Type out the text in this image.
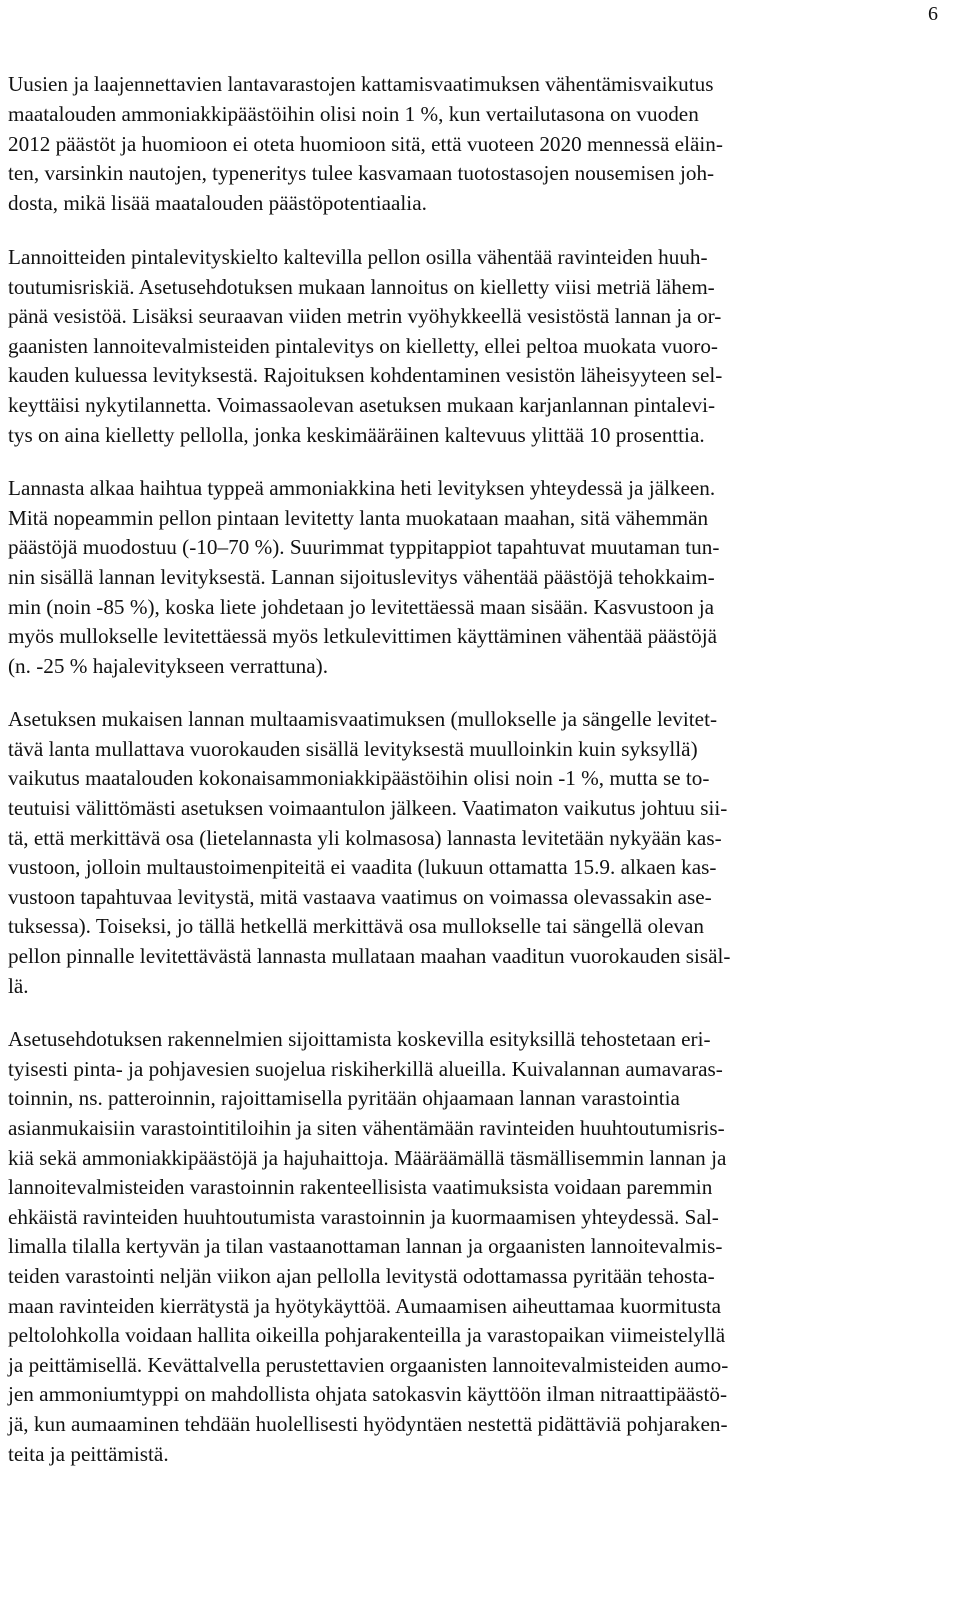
6

Uusien ja laajennettavien lantavarastojen kattamisvaatimuksen vähentämisvaikutus
maatalouden ammoniakkipäästöihin olisi noin 1 %, kun vertailutasona on vuoden
2012 päästöt ja huomioon ei oteta huomioon sitä, että vuoteen 2020 mennessä eläin-
ten, varsinkin nautojen, typeneritys tulee kasvamaan tuotostasojen nousemisen joh-
dosta, mikä lisää maatalouden päästöpotentiaalia.

Lannoitteiden pintalevityskielto kaltevilla pellon osilla vähentää ravinteiden huuh-
toutumisriskiä. Asetusehdotuksen mukaan lannoitus on kielletty viisi metriä lähem-
pänä vesistöä. Lisäksi seuraavan viiden metrin vyöhykkeellä vesistöstä lannan ja or-
gaanisten lannoitevalmisteiden pintalevitys on kielletty, ellei peltoa muokata vuoro-
kauden kuluessa levityksestä. Rajoituksen kohdentaminen vesistön läheisyyteen sel-
keyttäisi nykytilannetta. Voimassaolevan asetuksen mukaan karjanlannan pintalevi-
tys on aina kielletty pellolla, jonka keskimääräinen kaltevuus ylittää 10 prosenttia.

Lannasta alkaa haihtua typpeä ammoniakkina heti levityksen yhteydessä ja jälkeen.
Mitä nopeammin pellon pintaan levitetty lanta muokataan maahan, sitä vähemmän
päästöjä muodostuu (-10–70 %). Suurimmat typpitappiot tapahtuvat muutaman tun-
nin sisällä lannan levityksestä. Lannan sijoituslevitys vähentää päästöjä tehokkaim-
min (noin -85 %), koska liete johdetaan jo levitettäessä maan sisään. Kasvustoon ja
myös mullokselle levitettäessä myös letkulevittimen käyttäminen vähentää päästöjä
(n. -25 % hajalevitykseen verrattuna).

Asetuksen mukaisen lannan multaamisvaatimuksen (mullokselle ja sängelle levitet-
tävä lanta mullattava vuorokauden sisällä levityksestä muulloinkin kuin syksyllä)
vaikutus maatalouden kokonaisammoniakkipäästöihin olisi noin -1 %, mutta se to-
teutuisi välittömästi asetuksen voimaantulon jälkeen. Vaatimaton vaikutus johtuu sii-
tä, että merkittävä osa (lietelannasta yli kolmasosa) lannasta levitetään nykyään kas-
vustoon, jolloin multaustoimenpiteitä ei vaadita (lukuun ottamatta 15.9. alkaen kas-
vustoon tapahtuvaa levitystä, mitä vastaava vaatimus on voimassa olevassakin ase-
tuksessa). Toiseksi, jo tällä hetkellä merkittävä osa mullokselle tai sängellä olevan
pellon pinnalle levitettävästä lannasta mullataan maahan vaaditun vuorokauden sisäl-
lä.

Asetusehdotuksen rakennelmien sijoittamista koskevilla esityksillä tehostetaan eri-
tyisesti pinta- ja pohjavesien suojelua riskiherkillä alueilla. Kuivalannan aumavaras-
toinnin, ns. patteroinnin, rajoittamisella pyritään ohjaamaan lannan varastointia
asianmukaisiin varastointitiloihin ja siten vähentämään ravinteiden huuhtoutumisris-
kiä sekä ammoniakkipäästöjä ja hajuhaittoja. Määräämällä täsmällisemmin lannan ja
lannoitevalmisteiden varastoinnin rakenteellisista vaatimuksista voidaan paremmin
ehkäistä ravinteiden huuhtoutumista varastoinnin ja kuormaamisen yhteydessä. Sal-
limalla tilalla kertyvän ja tilan vastaanottaman lannan ja orgaanisten lannoitevalmis-
teiden varastointi neljän viikon ajan pellolla levitystä odottamassa pyritään tehosta-
maan ravinteiden kierrätystä ja hyötykäyttöä. Aumaamisen aiheuttamaa kuormitusta
peltolohkolla voidaan hallita oikeilla pohjarakenteilla ja varastopaikan viimeistelyllä
ja peittämisellä. Kevättalvella perustettavien orgaanisten lannoitevalmisteiden aumo-
jen ammoniumtyppi on mahdollista ohjata satokasvin käyttöön ilman nitraattipäästö-
jä, kun aumaaminen tehdään huolellisesti hyödyntäen nestettä pidättäviä pohjaraken-
teita ja peittämistä.
